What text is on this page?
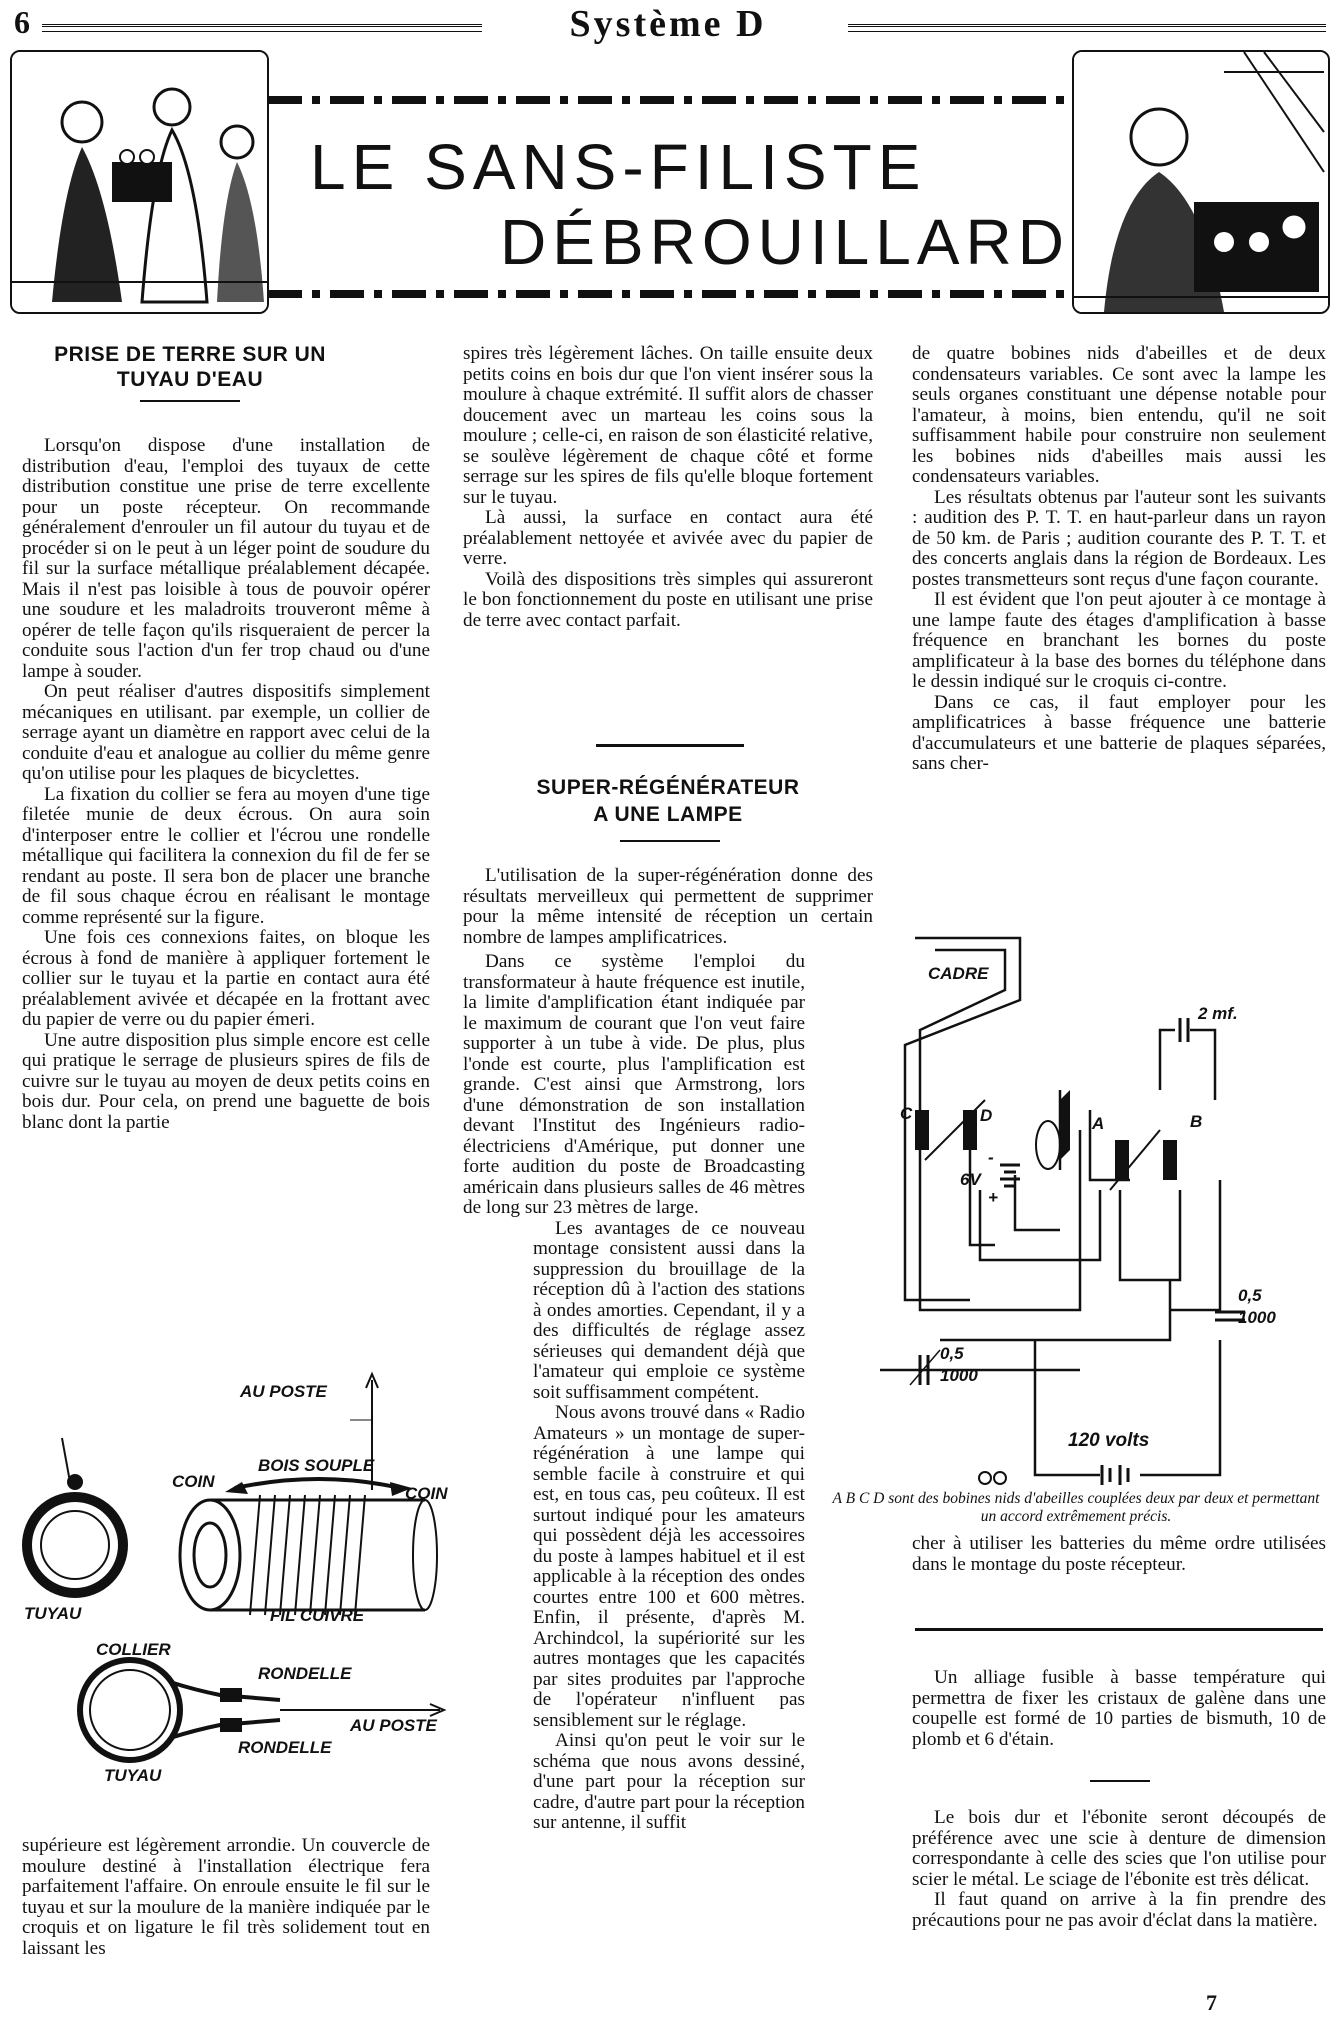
6	Système D
LE SANS-FILISTE
DÉBROUILLARD
PRISE DE TERRE SUR UN TUYAU D'EAU

Lorsqu'on dispose d'une installation de distribution d'eau, l'emploi des tuyaux de cette distribution constitue une prise de terre excellente pour un poste récepteur. On recommande généralement d'enrouler un fil autour du tuyau et de procéder si on le peut à un léger point de soudure du fil sur la surface métallique préalablement décapée. Mais il n'est pas loisible à tous de pouvoir opérer une soudure et les maladroits trouveront même à opérer de telle façon qu'ils risqueraient de percer la conduite sous l'action d'un fer trop chaud ou d'une lampe à souder.

On peut réaliser d'autres dispositifs simplement mécaniques en utilisant. par exemple, un collier de serrage ayant un diamètre en rapport avec celui de la conduite d'eau et analogue au collier du même genre qu'on utilise pour les plaques de bicyclettes.

La fixation du collier se fera au moyen d'une tige filetée munie de deux écrous. On aura soin d'interposer entre le collier et l'écrou une rondelle métallique qui facilitera la connexion du fil de fer se rendant au poste. Il sera bon de placer une branche de fil sous chaque écrou en réalisant le montage comme représenté sur la figure.

Une fois ces connexions faites, on bloque les écrous à fond de manière à appliquer fortement le collier sur le tuyau et la partie en contact aura été préalablement avivée et décapée en la frottant avec du papier de verre ou du papier émeri.

Une autre disposition plus simple encore est celle qui pratique le serrage de plusieurs spires de fils de cuivre sur le tuyau au moyen de deux petits coins en bois dur. Pour cela, on prend une baguette de bois blanc dont la partie

AU POSTE
BOIS SOUPLE
COIN
COIN
TUYAU	FIL CUIVRE
COLLIER
RONDELLE
AU POSTE
RONDELLE
TUYAU

supérieure est légèrement arrondie. Un couvercle de moulure destiné à l'installation électrique fera parfaitement l'affaire. On enroule ensuite le fil sur le tuyau et sur la moulure de la manière indiquée par le croquis et on ligature le fil très solidement tout en laissant les

spires très légèrement lâches. On taille ensuite deux petits coins en bois dur que l'on vient insérer sous la moulure à chaque extrémité. Il suffit alors de chasser doucement avec un marteau les coins sous la moulure ; celle-ci, en raison de son élasticité relative, se soulève légèrement de chaque côté et forme serrage sur les spires de fils qu'elle bloque fortement sur le tuyau.

Là aussi, la surface en contact aura été préalablement nettoyée et avivée avec du papier de verre.

Voilà des dispositions très simples qui assureront le bon fonctionnement du poste en utilisant une prise de terre avec contact parfait.

SUPER-RÉGÉNÉRATEUR
A UNE LAMPE

L'utilisation de la super-régénération donne des résultats merveilleux qui permettent de supprimer pour la même intensité de réception un certain nombre de lampes amplificatrices.

Dans ce système l'emploi du transformateur à haute fréquence est inutile, la limite d'amplification étant indiquée par le maximum de courant que l'on veut faire supporter à un tube à vide. De plus, plus l'onde est courte, plus l'amplification est grande. C'est ainsi que Armstrong, lors d'une démonstration de son installation devant l'Institut des Ingénieurs radio-électriciens d'Amérique, put donner une forte audition du poste de Broadcasting américain dans plusieurs salles de 46 mètres de long sur 23 mètres de large.

Les avantages de ce nouveau montage consistent aussi dans la suppression du brouillage de la réception dû à l'action des stations à ondes amorties. Cependant, il y a des difficultés de réglage assez sérieuses qui demandent déjà que l'amateur qui emploie ce système soit suffisamment compétent.

Nous avons trouvé dans « Radio Amateurs » un montage de super-régénération à une lampe qui semble facile à construire et qui est, en tous cas, peu coûteux. Il est surtout indiqué pour les amateurs qui possèdent déjà les accessoires du poste à lampes habituel et il est applicable à la réception des ondes courtes entre 100 et 600 mètres. Enfin, il présente, d'après M. Archindcol, la supériorité sur les autres montages que les capacités par sites produites par l'approche de l'opérateur n'influent pas sensiblement sur le réglage.

Ainsi qu'on peut le voir sur le schéma que nous avons dessiné, d'une part pour la réception sur cadre, d'autre part pour la réception sur antenne, il suffit

de quatre bobines nids d'abeilles et de deux condensateurs variables. Ce sont avec la lampe les seuls organes constituant une dépense notable pour l'amateur, à moins, bien entendu, qu'il ne soit suffisamment habile pour construire non seulement les bobines nids d'abeilles mais aussi les condensateurs variables.

Les résultats obtenus par l'auteur sont les suivants : audition des P. T. T. en haut-parleur dans un rayon de 50 km. de Paris ; audition courante des P. T. T. et des concerts anglais dans la région de Bordeaux. Les postes transmetteurs sont reçus d'une façon courante.

Il est évident que l'on peut ajouter à ce montage à une lampe faute des étages d'amplification à basse fréquence en branchant les bornes du poste amplificateur à la base des bornes du téléphone dans le dessin indiqué sur le croquis ci-contre.

Dans ce cas, il faut employer pour les amplificatrices à basse fréquence une batterie d'accumulateurs et une batterie de plaques séparées, sans cher-

CADRE
2 mf.
C	D	A	B
-
6V
+
0,5
1000
0,5
1000
120 volts
A B C D sont des bobines nids d'abeilles couplées deux par deux et permettant un accord extrêmement précis.

cher à utiliser les batteries du même ordre utilisées dans le montage du poste récepteur.

Un alliage fusible à basse température qui permettra de fixer les cristaux de galène dans une coupelle est formé de 10 parties de bismuth, 10 de plomb et 6 d'étain.

Le bois dur et l'ébonite seront découpés de préférence avec une scie à denture de dimension correspondante à celle des scies que l'on utilise pour scier le métal. Le sciage de l'ébonite est très délicat.

Il faut quand on arrive à la fin prendre des précautions pour ne pas avoir d'éclat dans la matière.

7
